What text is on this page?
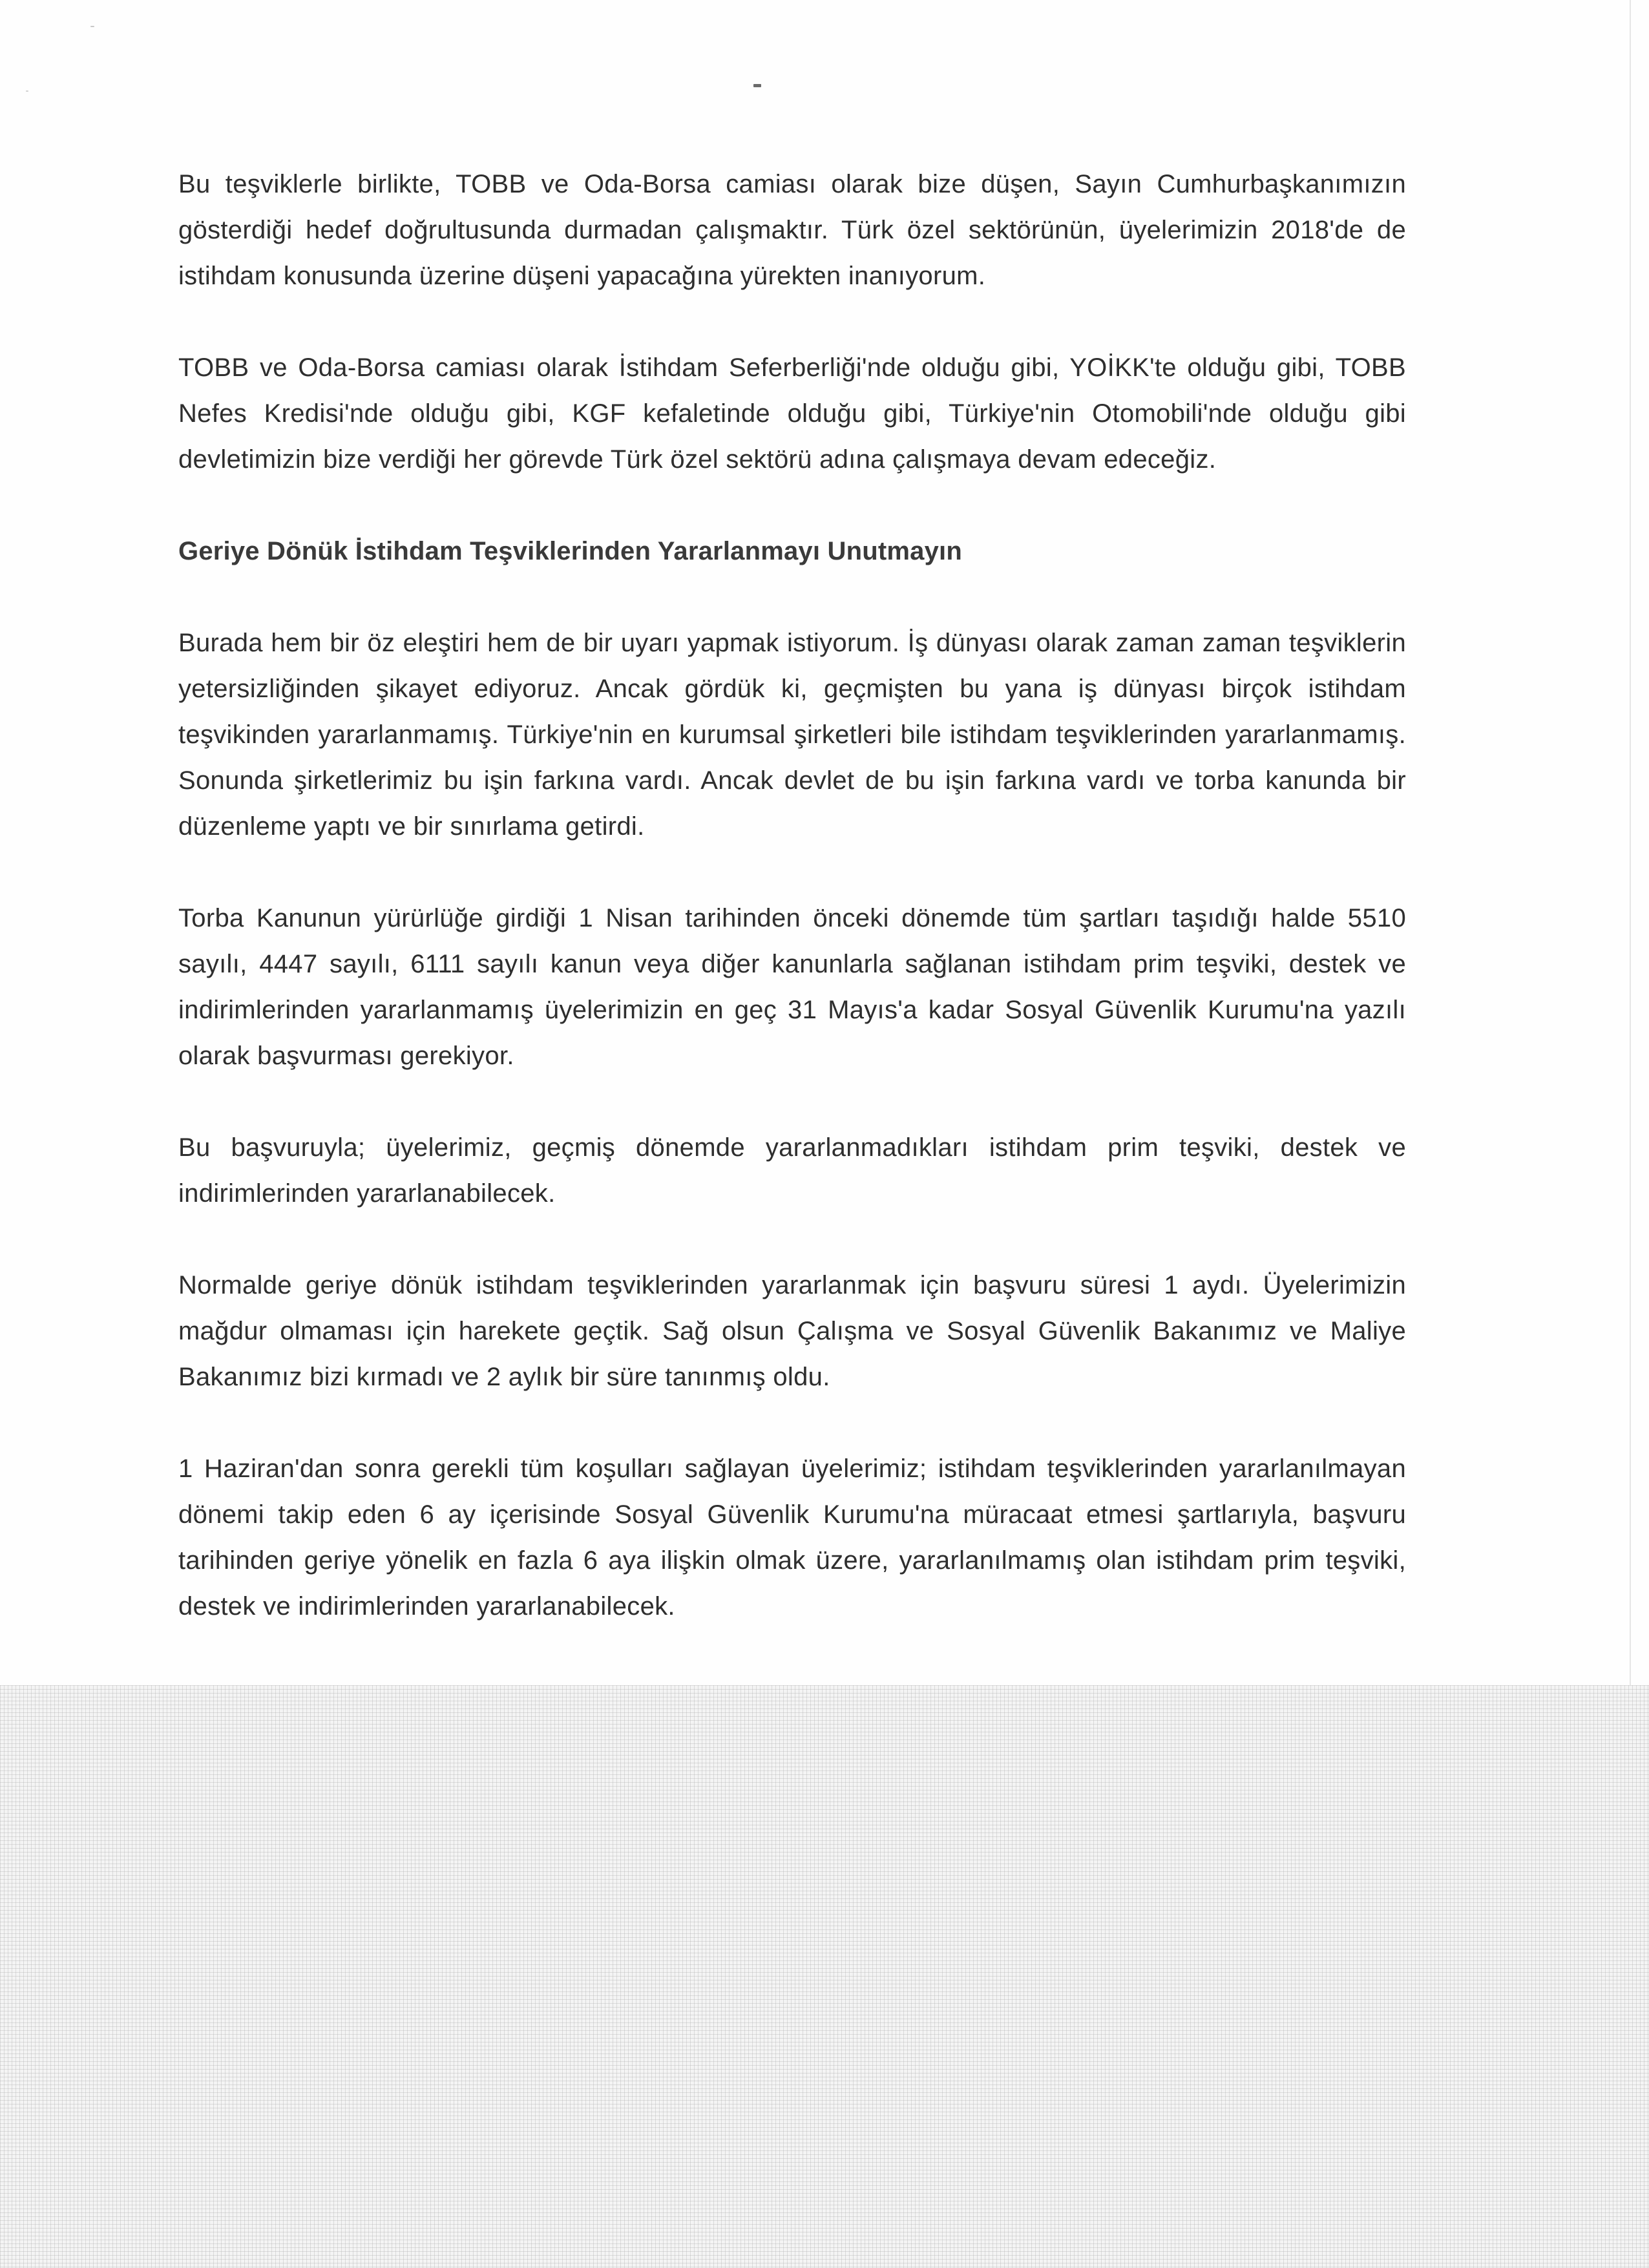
Bu teşviklerle birlikte, TOBB ve Oda-Borsa camiası olarak bize düşen, Sayın Cumhurbaşkanımızın gösterdiği hedef doğrultusunda durmadan çalışmaktır. Türk özel sektörünün, üyelerimizin 2018'de de istihdam konusunda üzerine düşeni yapacağına yürekten inanıyorum.

TOBB ve Oda-Borsa camiası olarak İstihdam Seferberliği'nde olduğu gibi, YOİKK'te olduğu gibi, TOBB Nefes Kredisi'nde olduğu gibi, KGF kefaletinde olduğu gibi, Türkiye'nin Otomobili'nde olduğu gibi devletimizin bize verdiği her görevde Türk özel sektörü adına çalışmaya devam edeceğiz.

Geriye Dönük İstihdam Teşviklerinden Yararlanmayı Unutmayın

Burada hem bir öz eleştiri hem de bir uyarı yapmak istiyorum. İş dünyası olarak zaman zaman teşviklerin yetersizliğinden şikayet ediyoruz. Ancak gördük ki, geçmişten bu yana iş dünyası birçok istihdam teşvikinden yararlanmamış. Türkiye'nin en kurumsal şirketleri bile istihdam teşviklerinden yararlanmamış. Sonunda şirketlerimiz bu işin farkına vardı. Ancak devlet de bu işin farkına vardı ve torba kanunda bir düzenleme yaptı ve bir sınırlama getirdi.

Torba Kanunun yürürlüğe girdiği 1 Nisan tarihinden önceki dönemde tüm şartları taşıdığı halde 5510 sayılı, 4447 sayılı, 6111 sayılı kanun veya diğer kanunlarla sağlanan istihdam prim teşviki, destek ve indirimlerinden yararlanmamış üyelerimizin en geç 31 Mayıs'a kadar Sosyal Güvenlik Kurumu'na yazılı olarak başvurması gerekiyor.

Bu başvuruyla; üyelerimiz, geçmiş dönemde yararlanmadıkları istihdam prim teşviki, destek ve indirimlerinden yararlanabilecek.

Normalde geriye dönük istihdam teşviklerinden yararlanmak için başvuru süresi 1 aydı. Üyelerimizin mağdur olmaması için harekete geçtik. Sağ olsun Çalışma ve Sosyal Güvenlik Bakanımız ve Maliye Bakanımız bizi kırmadı ve 2 aylık bir süre tanınmış oldu.

1 Haziran'dan sonra gerekli tüm koşulları sağlayan üyelerimiz; istihdam teşviklerinden yararlanılmayan dönemi takip eden 6 ay içerisinde Sosyal Güvenlik Kurumu'na müracaat etmesi şartlarıyla, başvuru tarihinden geriye yönelik en fazla 6 aya ilişkin olmak üzere, yararlanılmamış olan istihdam prim teşviki, destek ve indirimlerinden yararlanabilecek.
